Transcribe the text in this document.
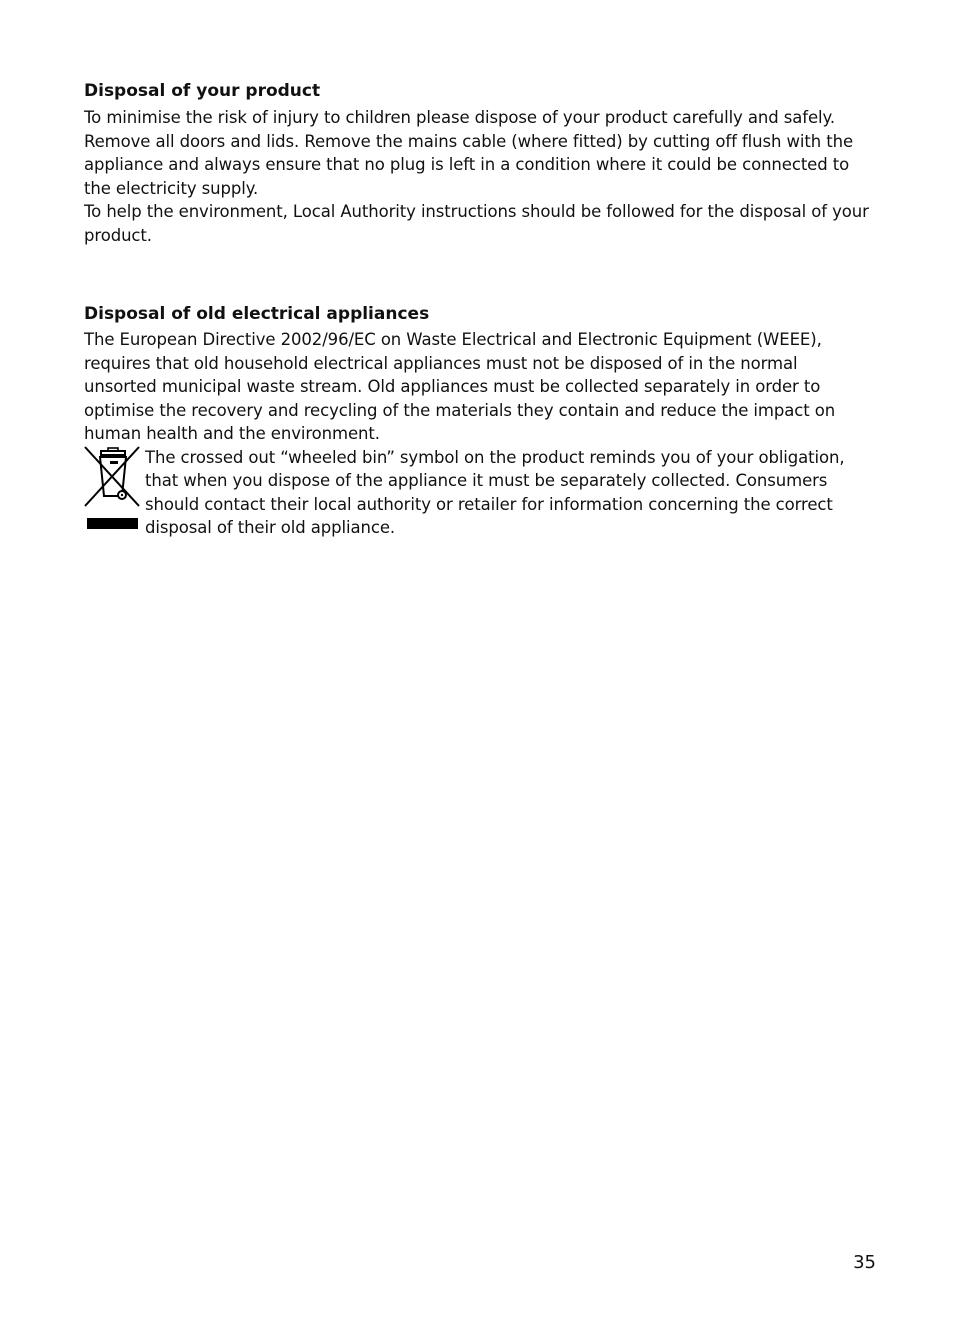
Disposal of your product

To minimise the risk of injury to children please dispose of your product carefully and safely. Remove all doors and lids. Remove the mains cable (where fitted) by cutting off flush with the appliance and always ensure that no plug is left in a condition where it could be connected to the electricity supply.

To help the environment, Local Authority instructions should be followed for the disposal of your product.

Disposal of old electrical appliances

The European Directive 2002/96/EC on Waste Electrical and Electronic Equipment (WEEE), requires that old household electrical appliances must not be disposed of in the normal unsorted municipal waste stream. Old appliances must be collected separately in order to optimise the recovery and recycling of the materials they contain and reduce the impact on human health and the environment.

The crossed out “wheeled bin” symbol on the product reminds you of your obligation, that when you dispose of the appliance it must be separately collected. Consumers should contact their local authority or retailer for information concerning the correct disposal of their old appliance.

35
